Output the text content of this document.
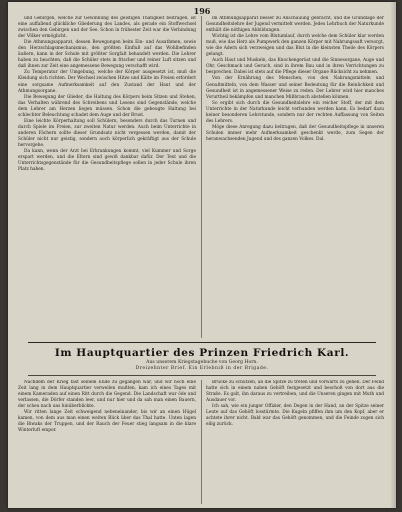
196

und Gebirgen, welche zur Gewinnung des geistigen Thätigkeit beitragen, ist eine auffallend glückliche Gliederung des Landes, als gerade ein Stoffwechsel zwischen den Gebirgen und der See. Schon in frühester Zeit war die Verbindung der Völker ermöglicht.

Die Athmungsapparat, dessen Bewegungen beim Ein- und Ausathmen, sowie den Herzschlagsmechanismus, den größten Einfluß auf das Wohlbefinden äußern, kann in der Schule mit größter Sorgfalt behandelt werden. Die Lehrer haben zu beachten, daß die Schüler stets in frischer und reiner Luft sitzen und daß ihnen zur Zeit eine angemessene Bewegung verschafft wird.

Zu Temperatur der Umgebung, welche der Körper ausgesetzt ist, muß die Kleidung sich richten. Der Wechsel zwischen Hitze und Kälte im Freien erfordert eine sorgsame Aufmerksamkeit auf den Zustand der Haut und der Athmungsorgane.

Die Bewegung der Glieder, die Haltung des Körpers beim Sitzen und Stehen, das Verhalten während des Schreibens und Lesens sind Gegenstände, welche dem Lehrer am Herzen liegen müssen. Schon die gebeugte Haltung bei schlechter Beleuchtung schadet dem Auge und der Brust.

Eine leichte Körperhaltung soll Schülern, besonders durch das Turnen und durch Spiele im Freien, zur zweiten Natur werden. Auch beim Unterrichte in anderen Fächern sollte dieser Grundsatz nicht vergessen werden, damit der Schüler nicht nur geistig, sondern auch körperlich gekräftigt aus der Schule hervorgehe.

Da kann, wenn der Arzt bei Erkrankungen kommt, viel Kummer und Sorge erspart werden, und die Eltern sind gewiß dankbar dafür. Der Text und die Unterrichtsgegenstände für die Gesundheitspflege sollen in jeder Schule ihren Platz haben.

im Athmungsapparat besser zu Anschauung gebracht, und die Grundlage der Gesundheitslehre der Jugend vermittelt werden. Jedes Lehrbuch der Naturkunde enthält die nöthigen Abbildungen.

Wichtig ist die Lehre vom Blutumlauf, durch welche dem Schüler klar werden muß, wie das Herz als Pumpwerk den ganzen Körper mit Nahrungssaft versorgt, wie die Adern sich verzweigen und das Blut in die kleinsten Theile des Körpers gelangt.

Auch Haut und Muskeln, das Knochengerüst und die Sinnesorgane, Auge und Ohr, Geschmack und Geruch, sind in ihrem Bau und in ihren Verrichtungen zu besprechen. Dabei ist stets auf die Pflege dieser Organe Rücksicht zu nehmen.

Von der Ernährung des Menschen, von den Nahrungsmitteln und Genußmitteln, von dem Wasser und seiner Bedeutung für die Reinlichkeit und Gesundheit ist in angemessener Weise zu reden. Der Lehrer wird hier manches Vorurtheil bekämpfen und manchen Mißbrauch abstellen können.

So ergibt sich durch die Gesundheitslehre ein reicher Stoff, der mit dem Unterrichte in der Naturkunde leicht verbunden werden kann. Es bedarf dazu keiner besonderen Lehrstunde, sondern nur der rechten Auffassung von Seiten des Lehrers.

Möge diese Anregung dazu beitragen, daß der Gesundheitspflege in unseren Schulen immer mehr Aufmerksamkeit geschenkt werde, zum Segen der heranwachsenden Jugend und des ganzen Volkes. Dal.

Im Hauptquartier des Prinzen Friedrich Karl.
Aus unserem Kriegstagebuche von Georg Horn.
Dreizehnter Brief. Ein Erlebniß in der Brigade.

Nachdem der Krieg fast seinem Ende zu gegangen war, und wir noch eine Zeit lang in dem Hauptquartier verweilen mußten, kam ich eines Tages mit einem Kameraden auf einen Ritt durch die Gegend. Die Landschaft war öde und verlassen, die Dörfer standen leer, und nur hier und da sah man einen Bauern, der scheu nach uns hinüberblickte.

Wir ritten lange Zeit schweigend nebeneinander, bis wir an einen Hügel kamen, von dem aus man einen weiten Blick über das Thal hatte. Unten lagen die Biwaks der Truppen, und der Rauch der Feuer stieg langsam in die klare Winterluft empor.

Brücke zu schützen, an die Spitze zu treten und vorwärts zu gehen. Der Feind hatte sich in einem nahen Gehöft festgesetzt und beschoß von dort aus die Straße. Es galt, ihn daraus zu vertreiben, und die Unseren gingen mit Muth und Ausdauer vor.

Ich sah, wie ein junger Offizier, den Degen in der Hand, an der Spitze seiner Leute auf das Gehöft losstürmte. Die Kugeln pfiffen ihm um den Kopf, aber er achtete ihrer nicht. Bald war das Gehöft genommen, und die Feinde zogen sich eilig zurück.
